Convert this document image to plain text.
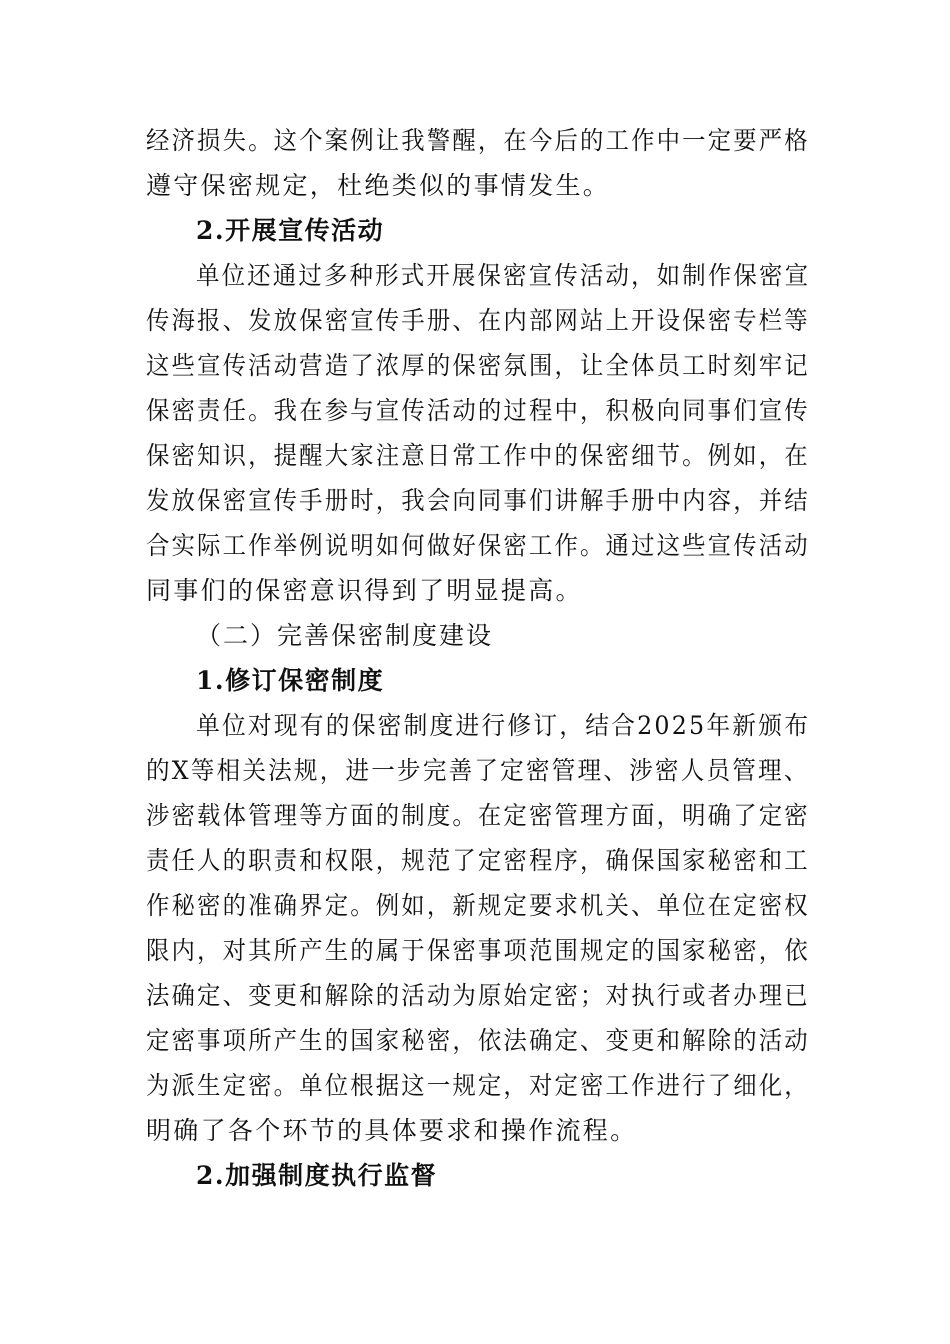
经济损失。这个案例让我警醒，在今后的工作中一定要严格
遵守保密规定，杜绝类似的事情发生。
2.开展宣传活动
单位还通过多种形式开展保密宣传活动，如制作保密宣
传海报、发放保密宣传手册、在内部网站上开设保密专栏等
这些宣传活动营造了浓厚的保密氛围，让全体员工时刻牢记
保密责任。我在参与宣传活动的过程中，积极向同事们宣传
保密知识，提醒大家注意日常工作中的保密细节。例如，在
发放保密宣传手册时，我会向同事们讲解手册中内容，并结
合实际工作举例说明如何做好保密工作。通过这些宣传活动
同事们的保密意识得到了明显提高。
（二）完善保密制度建设
1.修订保密制度
单位对现有的保密制度进行修订，结合2025年新颁布
的X等相关法规，进一步完善了定密管理、涉密人员管理、
涉密载体管理等方面的制度。在定密管理方面，明确了定密
责任人的职责和权限，规范了定密程序，确保国家秘密和工
作秘密的准确界定。例如，新规定要求机关、单位在定密权
限内，对其所产生的属于保密事项范围规定的国家秘密，依
法确定、变更和解除的活动为原始定密；对执行或者办理已
定密事项所产生的国家秘密，依法确定、变更和解除的活动
为派生定密。单位根据这一规定，对定密工作进行了细化，
明确了各个环节的具体要求和操作流程。
2.加强制度执行监督
